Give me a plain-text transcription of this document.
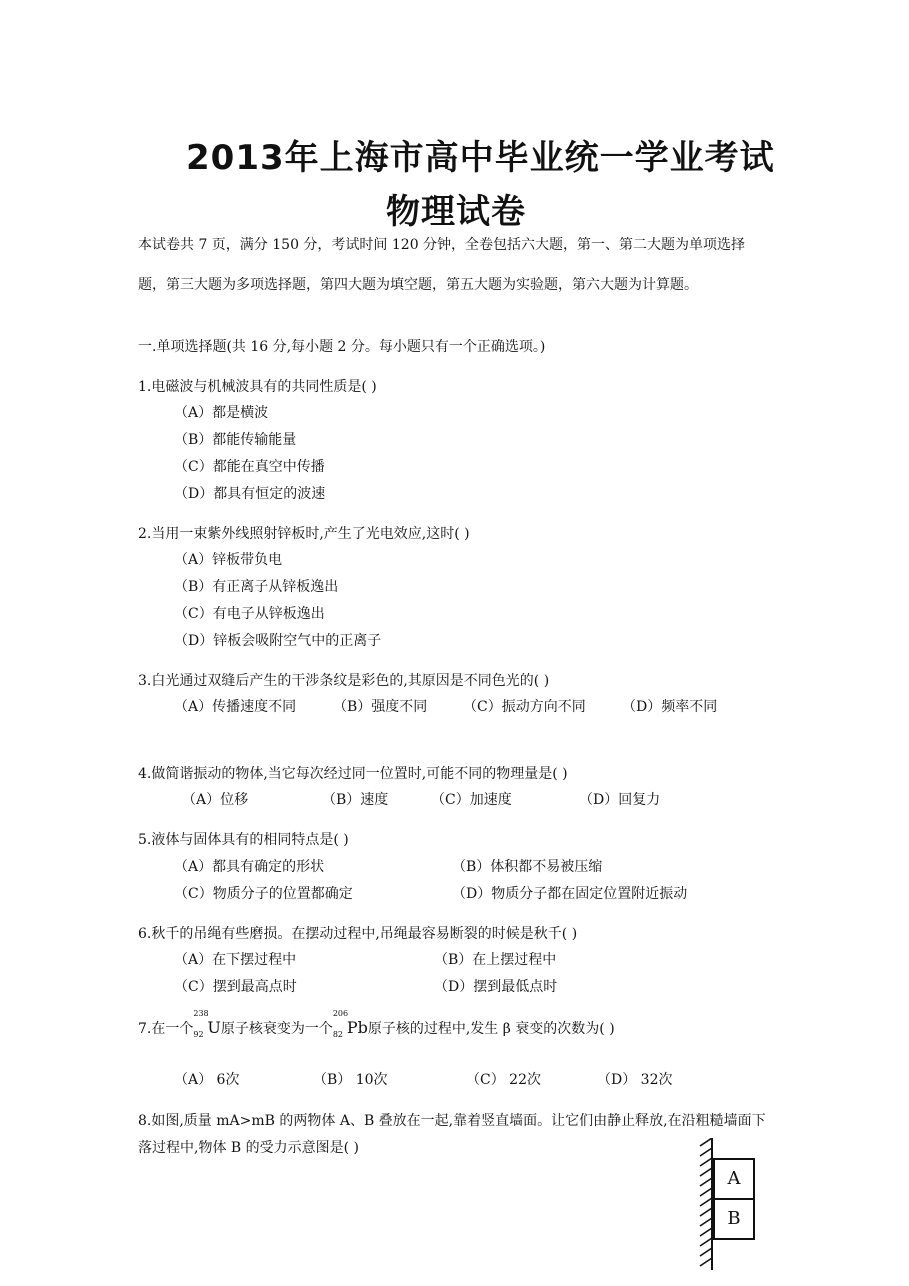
2013年上海市高中毕业统一学业考试
物理试卷
本试卷共 7 页，满分 150 分，考试时间 120 分钟，全卷包括六大题，第一、第二大题为单项选择
题，第三大题为多项选择题，第四大题为填空题，第五大题为实验题，第六大题为计算题。
一.单项选择题(共 16 分,每小题 2 分。每小题只有一个正确选项。)
1.电磁波与机械波具有的共同性质是( )
（A）都是横波
（B）都能传输能量
（C）都能在真空中传播
（D）都具有恒定的波速
2.当用一束紫外线照射锌板时,产生了光电效应,这时( )
（A）锌板带负电
（B）有正离子从锌板逸出
（C）有电子从锌板逸出
（D）锌板会吸附空气中的正离子
3.白光通过双缝后产生的干涉条纹是彩色的,其原因是不同色光的( )
（A）传播速度不同	（B）强度不同	（C）振动方向不同	（D）频率不同
4.做简谐振动的物体,当它每次经过同一位置时,可能不同的物理量是( )
（A）位移	（B）速度	（C）加速度	（D）回复力
5.液体与固体具有的相同特点是( )
（A）都具有确定的形状	（B）体积都不易被压缩
（C）物质分子的位置都确定	（D）物质分子都在固定位置附近振动
6.秋千的吊绳有些磨损。在摆动过程中,吊绳最容易断裂的时候是秋千( )
（A）在下摆过程中	（B）在上摆过程中
（C）摆到最高点时	（D）摆到最低点时
7.在一个
238
92 U原子核衰变为一个
206
82 Pb原子核的过程中,发生 β 衰变的次数为( )
（A） 6次	（B） 10次	（C） 22次	（D） 32次
8.如图,质量 mA>mB 的两物体 A、B 叠放在一起,靠着竖直墙面。让它们由静止释放,在沿粗糙墙面下
落过程中,物体 B 的受力示意图是( )
A
B
